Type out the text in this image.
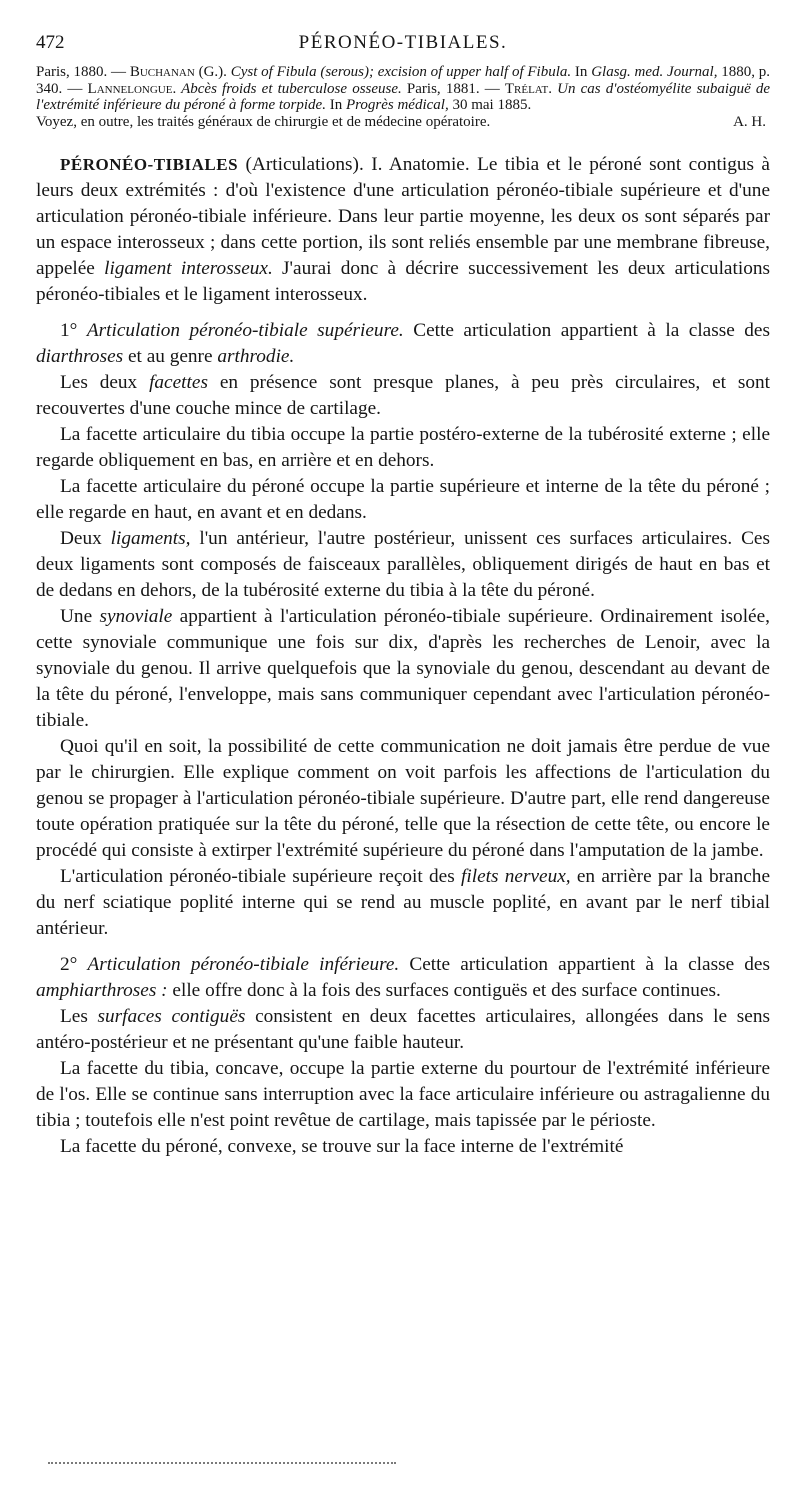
472	PÉRONÉO-TIBIALES.

Paris, 1880. — Buchanan (G.). Cyst of Fibula (serous); excision of upper half of Fibula. In Glasg. med. Journal, 1880, p. 340. — Lannelongue. Abcès froids et tuberculose osseuse. Paris, 1881. — Trélat. Un cas d'ostéomyélite subaiguë de l'extrémité inférieure du péroné à forme torpide. In Progrès médical, 30 mai 1885.

Voyez, en outre, les traités généraux de chirurgie et de médecine opératoire.	A. H.

PÉRONÉO-TIBIALES (Articulations). I. Anatomie. Le tibia et le péroné sont contigus à leurs deux extrémités : d'où l'existence d'une articulation péronéo-tibiale supérieure et d'une articulation péronéo-tibiale inférieure. Dans leur partie moyenne, les deux os sont séparés par un espace interosseux ; dans cette portion, ils sont reliés ensemble par une membrane fibreuse, appelée ligament interosseux. J'aurai donc à décrire successivement les deux articulations péronéo-tibiales et le ligament interosseux.

1° Articulation péronéo-tibiale supérieure. Cette articulation appartient à la classe des diarthroses et au genre arthrodie.

Les deux facettes en présence sont presque planes, à peu près circulaires, et sont recouvertes d'une couche mince de cartilage.

La facette articulaire du tibia occupe la partie postéro-externe de la tubérosité externe ; elle regarde obliquement en bas, en arrière et en dehors.

La facette articulaire du péroné occupe la partie supérieure et interne de la tête du péroné ; elle regarde en haut, en avant et en dedans.

Deux ligaments, l'un antérieur, l'autre postérieur, unissent ces surfaces articulaires. Ces deux ligaments sont composés de faisceaux parallèles, obliquement dirigés de haut en bas et de dedans en dehors, de la tubérosité externe du tibia à la tête du péroné.

Une synoviale appartient à l'articulation péronéo-tibiale supérieure. Ordinairement isolée, cette synoviale communique une fois sur dix, d'après les recherches de Lenoir, avec la synoviale du genou. Il arrive quelquefois que la synoviale du genou, descendant au devant de la tête du péroné, l'enveloppe, mais sans communiquer cependant avec l'articulation péronéo-tibiale.

Quoi qu'il en soit, la possibilité de cette communication ne doit jamais être perdue de vue par le chirurgien. Elle explique comment on voit parfois les affections de l'articulation du genou se propager à l'articulation péronéo-tibiale supérieure. D'autre part, elle rend dangereuse toute opération pratiquée sur la tête du péroné, telle que la résection de cette tête, ou encore le procédé qui consiste à extirper l'extrémité supérieure du péroné dans l'amputation de la jambe.

L'articulation péronéo-tibiale supérieure reçoit des filets nerveux, en arrière par la branche du nerf sciatique poplité interne qui se rend au muscle poplité, en avant par le nerf tibial antérieur.

2° Articulation péronéo-tibiale inférieure. Cette articulation appartient à la classe des amphiarthroses : elle offre donc à la fois des surfaces contiguës et des surface continues.

Les surfaces contiguës consistent en deux facettes articulaires, allongées dans le sens antéro-postérieur et ne présentant qu'une faible hauteur.

La facette du tibia, concave, occupe la partie externe du pourtour de l'extrémité inférieure de l'os. Elle se continue sans interruption avec la face articulaire inférieure ou astragalienne du tibia ; toutefois elle n'est point revêtue de cartilage, mais tapissée par le périoste.

La facette du péroné, convexe, se trouve sur la face interne de l'extrémité
